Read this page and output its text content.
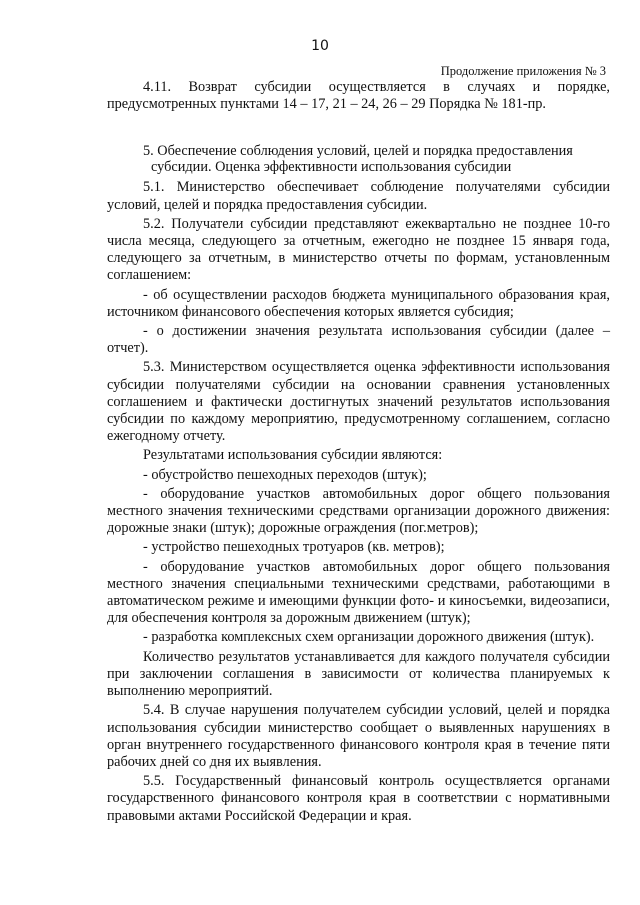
10
Продолжение приложения № 3

4.11. Возврат субсидии осуществляется в случаях и порядке, предусмотренных пунктами 14 – 17, 21 – 24, 26 – 29 Порядка № 181-пр.

5. Обеспечение соблюдения условий, целей и порядка предоставления
субсидии. Оценка эффективности использования субсидии

5.1. Министерство обеспечивает соблюдение получателями субсидии условий, целей и порядка предоставления субсидии.

5.2. Получатели субсидии представляют ежеквартально не позднее 10-го числа месяца, следующего за отчетным, ежегодно не позднее 15 января года, следующего за отчетным, в министерство отчеты по формам, установленным соглашением:

- об осуществлении расходов бюджета муниципального образования края, источником финансового обеспечения которых является субсидия;

- о достижении значения результата использования субсидии (далее – отчет).

5.3. Министерством осуществляется оценка эффективности использования субсидии получателями субсидии на основании сравнения установленных соглашением и фактически достигнутых значений результатов использования субсидии по каждому мероприятию, предусмотренному соглашением, согласно ежегодному отчету.

Результатами использования субсидии являются:

- обустройство пешеходных переходов (штук);

- оборудование участков автомобильных дорог общего пользования местного значения техническими средствами организации дорожного движения: дорожные знаки (штук); дорожные ограждения (пог.метров);

- устройство пешеходных тротуаров (кв. метров);

- оборудование участков автомобильных дорог общего пользования местного значения специальными техническими средствами, работающими в автоматическом режиме и имеющими функции фото- и киносъемки, видеозаписи, для обеспечения контроля за дорожным движением (штук);

- разработка комплексных схем организации дорожного движения (штук).

Количество результатов устанавливается для каждого получателя субсидии при заключении соглашения в зависимости от количества планируемых к выполнению мероприятий.

5.4. В случае нарушения получателем субсидии условий, целей и порядка использования субсидии министерство сообщает о выявленных нарушениях в орган внутреннего государственного финансового контроля края в течение пяти рабочих дней со дня их выявления.

5.5. Государственный финансовый контроль осуществляется органами государственного финансового контроля края в соответствии с нормативными правовыми актами Российской Федерации и края.
